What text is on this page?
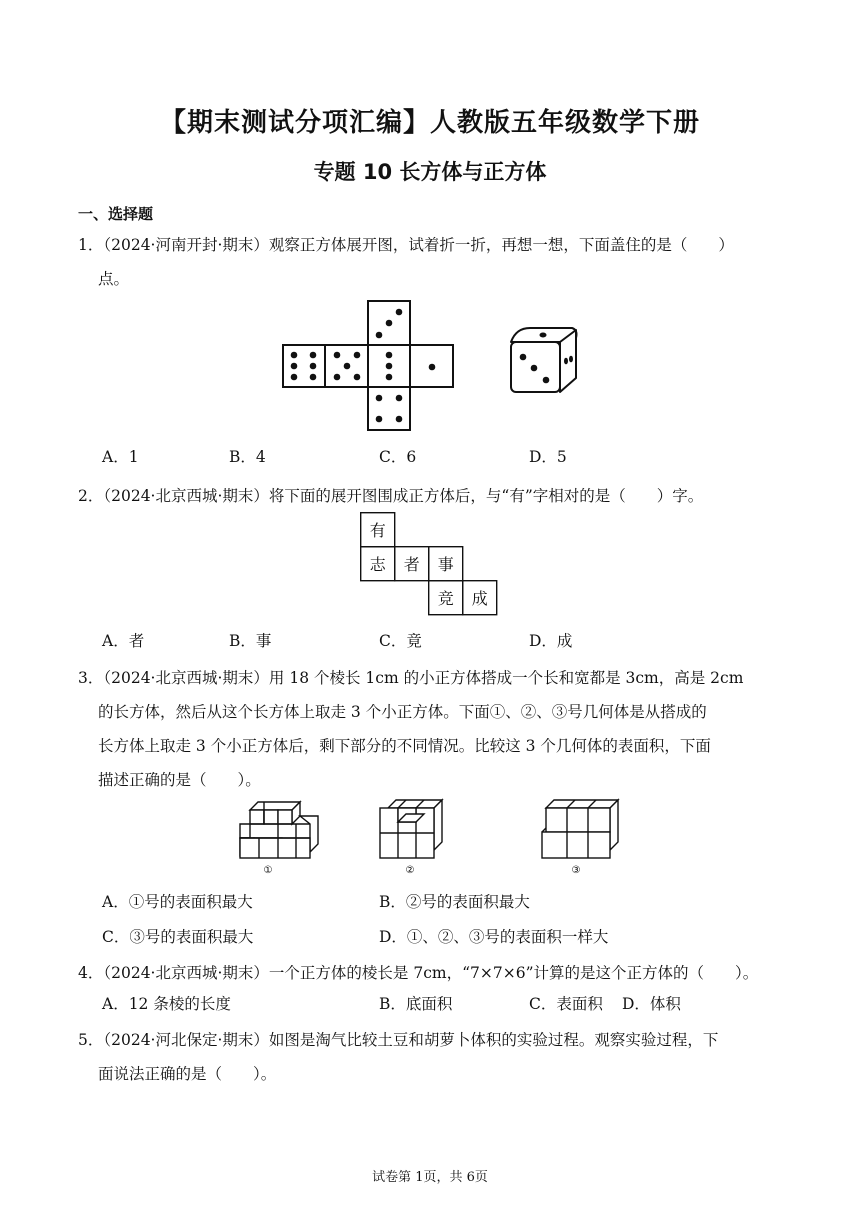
【期末测试分项汇编】人教版五年级数学下册
专题 10 长方体与正方体
一、选择题
1．（2024·河南开封·期末）观察正方体展开图，试着折一折，再想一想，下面盖住的是（　　）
点。
A．1	B．4	C．6	D．5
2．（2024·北京西城·期末）将下面的展开图围成正方体后，与“有”字相对的是（　　）字。
有
志 者 事
竞 成
A．者	B．事	C．竟	D．成
3．（2024·北京西城·期末）用 18 个棱长 1cm 的小正方体搭成一个长和宽都是 3cm，高是 2cm
的长方体，然后从这个长方体上取走 3 个小正方体。下面①、②、③号几何体是从搭成的
长方体上取走 3 个小正方体后，剩下部分的不同情况。比较这 3 个几何体的表面积，下面
描述正确的是（　　）。
①	②	③
A．①号的表面积最大	B．②号的表面积最大
C．③号的表面积最大	D．①、②、③号的表面积一样大
4．（2024·北京西城·期末）一个正方体的棱长是 7cm，“7×7×6”计算的是这个正方体的（　　）。
A．12 条棱的长度	B．底面积	C．表面积 D．体积
5．（2024·河北保定·期末）如图是淘气比较土豆和胡萝卜体积的实验过程。观察实验过程，下
面说法正确的是（　　）。
试卷第 1页，共 6页
